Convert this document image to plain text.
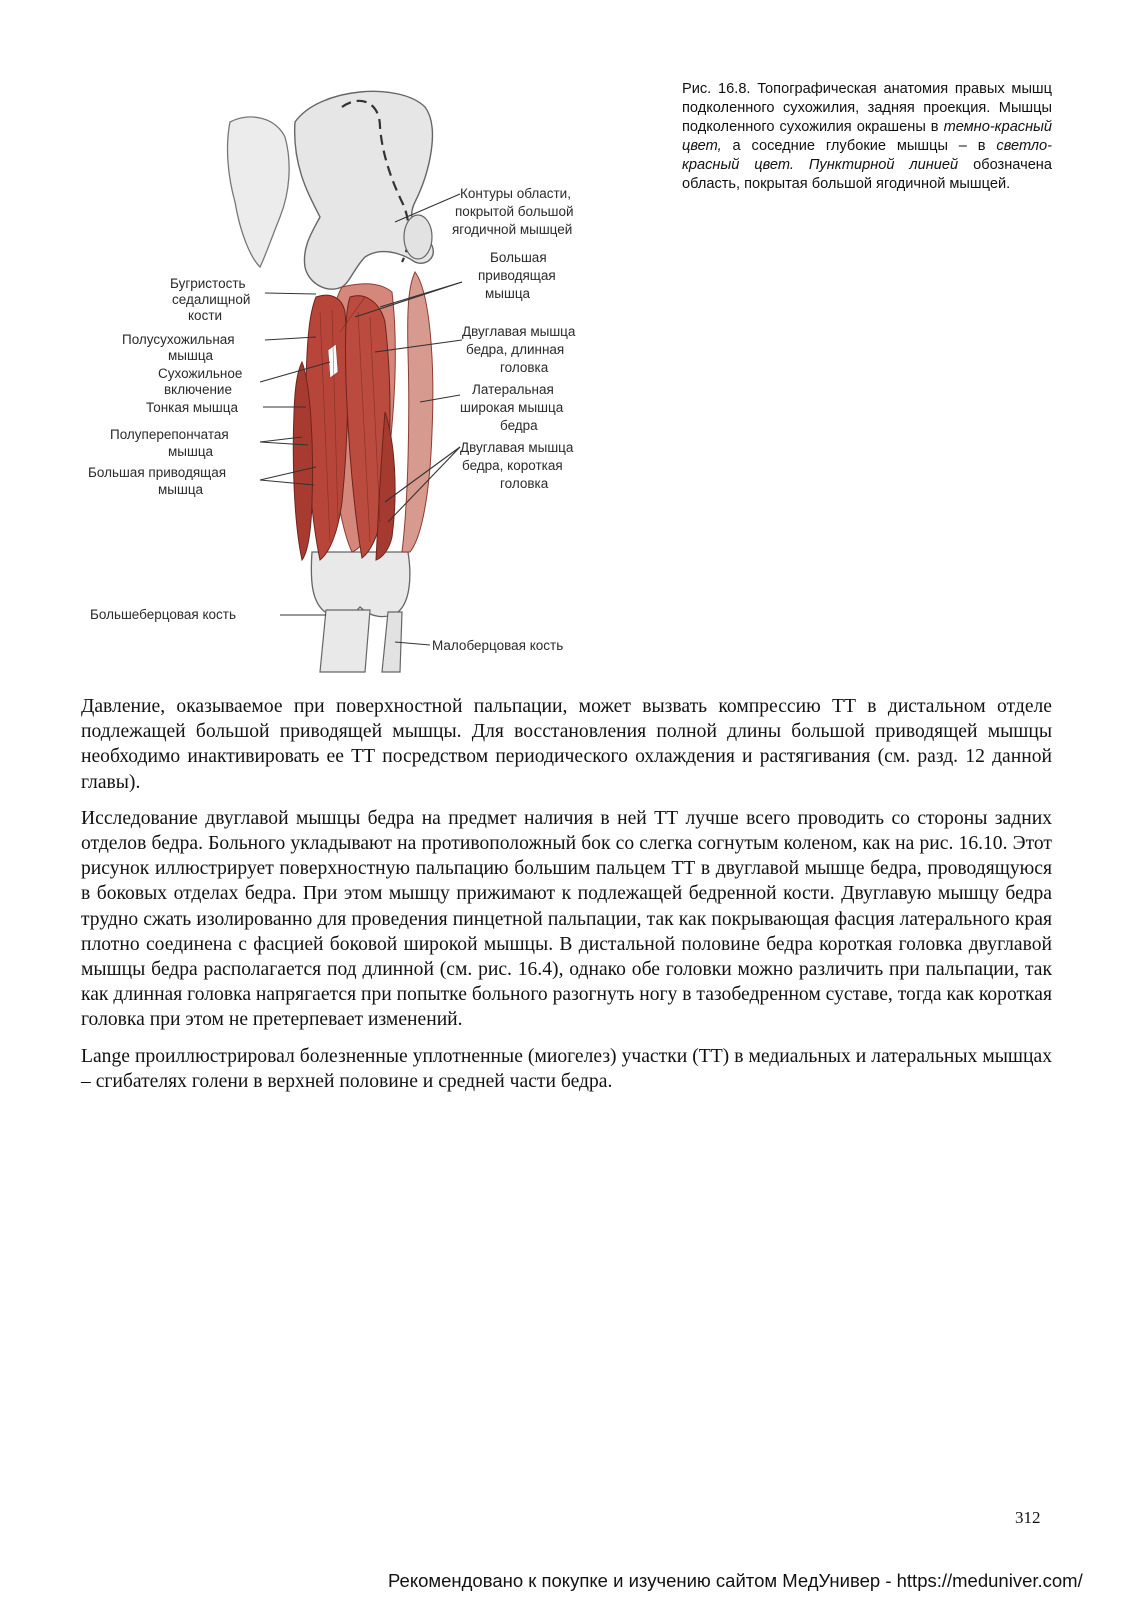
Рис. 16.8. Топографическая анатомия правых мышц подколенного сухожилия, задняя проекция. Мышцы подколенного сухожилия окрашены в темно-красный цвет, а соседние глубокие мышцы – в светло-красный цвет. Пунктирной линией обозначена область, покрытая большой ягодичной мышцей.
Контуры области,
покрытой большой
ягодичной мышцей
Большая
приводящая
мышца
Двуглавая мышца
бедра, длинная
головка
Латеральная
широкая мышца
бедра
Двуглавая мышца
бедра, короткая
головка
Малоберцовая кость
Бугристость
седалищной
кости
Полусухожильная
мышца
Сухожильное
включение
Тонкая мышца
Полуперепончатая
мышца
Большая приводящая
мышца
Большеберцовая кость

Давление, оказываемое при поверхностной пальпации, может вызвать компрессию ТТ в дистальном отделе подлежащей большой приводящей мышцы. Для восстановления полной длины большой приводящей мышцы необходимо инактивировать ее ТТ посредством периодического охлаждения и растягивания (см. разд. 12 данной главы).

Исследование двуглавой мышцы бедра на предмет наличия в ней ТТ лучше всего проводить со стороны задних отделов бедра. Больного укладывают на противоположный бок со слегка согнутым коленом, как на рис. 16.10. Этот рисунок иллюстрирует поверхностную пальпацию большим пальцем ТТ в двуглавой мышце бедра, проводящуюся в боковых отделах бедра. При этом мышцу прижимают к подлежащей бедренной кости. Двуглавую мышцу бедра трудно сжать изолированно для проведения пинцетной пальпации, так как покрывающая фасция латерального края плотно соединена с фасцией боковой широкой мышцы. В дистальной половине бедра короткая головка двуглавой мышцы бедра располагается под длинной (см. рис. 16.4), однако обе головки можно различить при пальпации, так как длинная головка напрягается при попытке больного разогнуть ногу в тазобедренном суставе, тогда как короткая головка при этом не претерпевает изменений.

Lange проиллюстрировал болезненные уплотненные (миогелез) участки (ТТ) в медиальных и латеральных мышцах – сгибателях голени в верхней половине и средней части бедра.

312
Рекомендовано к покупке и изучению сайтом МедУнивер - https://meduniver.com/
